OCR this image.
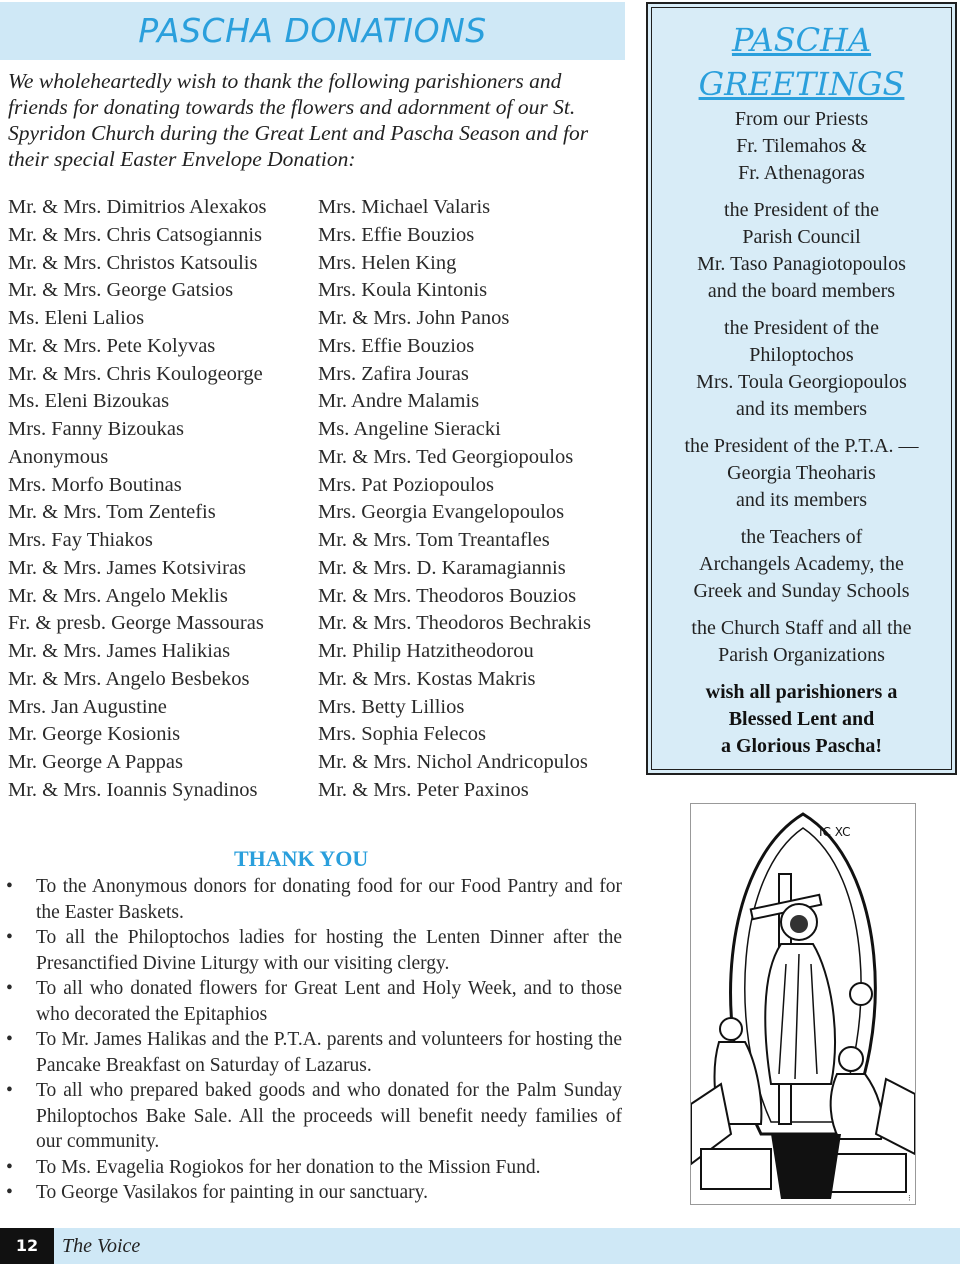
PASCHA DONATIONS
We wholeheartedly wish to thank the following parishioners and friends for donating towards the flowers and adornment of our St. Spyridon Church during the Great Lent and Pascha Season and for their special Easter Envelope Donation:
Mr. & Mrs. Dimitrios Alexakos
Mr. & Mrs. Chris Catsogiannis
Mr. & Mrs. Christos Katsoulis
Mr. & Mrs. George Gatsios
Ms. Eleni Lalios
Mr. & Mrs. Pete Kolyvas
Mr. & Mrs. Chris Koulogeorge
Ms. Eleni Bizoukas
Mrs. Fanny Bizoukas
Anonymous
Mrs. Morfo Boutinas
Mr. & Mrs. Tom Zentefis
Mrs. Fay Thiakos
Mr. & Mrs. James Kotsiviras
Mr. & Mrs. Angelo Meklis
Fr. & presb. George Massouras
Mr. & Mrs. James Halikias
Mr. & Mrs. Angelo Besbekos
Mrs. Jan Augustine
Mr. George Kosionis
Mr. George A Pappas
Mr. & Mrs. Ioannis Synadinos
Mrs. Michael Valaris
Mrs. Effie Bouzios
Mrs. Helen King
Mrs. Koula Kintonis
Mr. & Mrs. John Panos
Mrs. Effie Bouzios
Mrs. Zafira Jouras
Mr. Andre Malamis
Ms. Angeline Sieracki
Mr. & Mrs. Ted Georgiopoulos
Mrs. Pat Poziopoulos
Mrs. Georgia Evangelopoulos
Mr. & Mrs. Tom Treantafles
Mr. & Mrs. D. Karamagiannis
Mr. & Mrs. Theodoros Bouzios
Mr. & Mrs. Theodoros Bechrakis
Mr. Philip Hatzitheodorou
Mr. & Mrs. Kostas Makris
Mrs. Betty Lillios
Mrs. Sophia Felecos
Mr. & Mrs. Nichol Andricopulos
Mr. & Mrs. Peter Paxinos
PASCHA
GREETINGS
From our Priests
Fr. Tilemahos &
Fr. Athenagoras
the President of the
Parish Council
Mr. Taso Panagiotopoulos
and the board members
the President of the
Philoptochos
Mrs. Toula Georgiopoulos
and its members
the President of the P.T.A. —
Georgia Theoharis
and its members
the Teachers of
Archangels Academy, the
Greek and Sunday Schools
the Church Staff and all the
Parish Organizations
wish all parishioners a
Blessed Lent and
a Glorious Pascha!
THANK YOU
•	To the Anonymous donors for donating food for our Food Pantry and for the Easter Baskets.
•	To all the Philoptochos ladies for hosting the Lenten Dinner after the Presanctified Divine Liturgy with our visiting clergy.
•	To all who donated flowers for Great Lent and Holy Week, and to those who decorated the Epitaphios
•	To Mr. James Halikas and the P.T.A. parents and volunteers for hosting the Pancake Breakfast on Saturday of Lazarus.
•	To all who prepared baked goods and who donated for the Palm Sunday Philoptochos Bake Sale. All the proceeds will benefit needy families of our community.
•	To Ms. Evagelia Rogiokos for her donation to the Mission Fund.
•	To George Vasilakos for painting in our sanctuary.
IC XC
⁝
12	The Voice
